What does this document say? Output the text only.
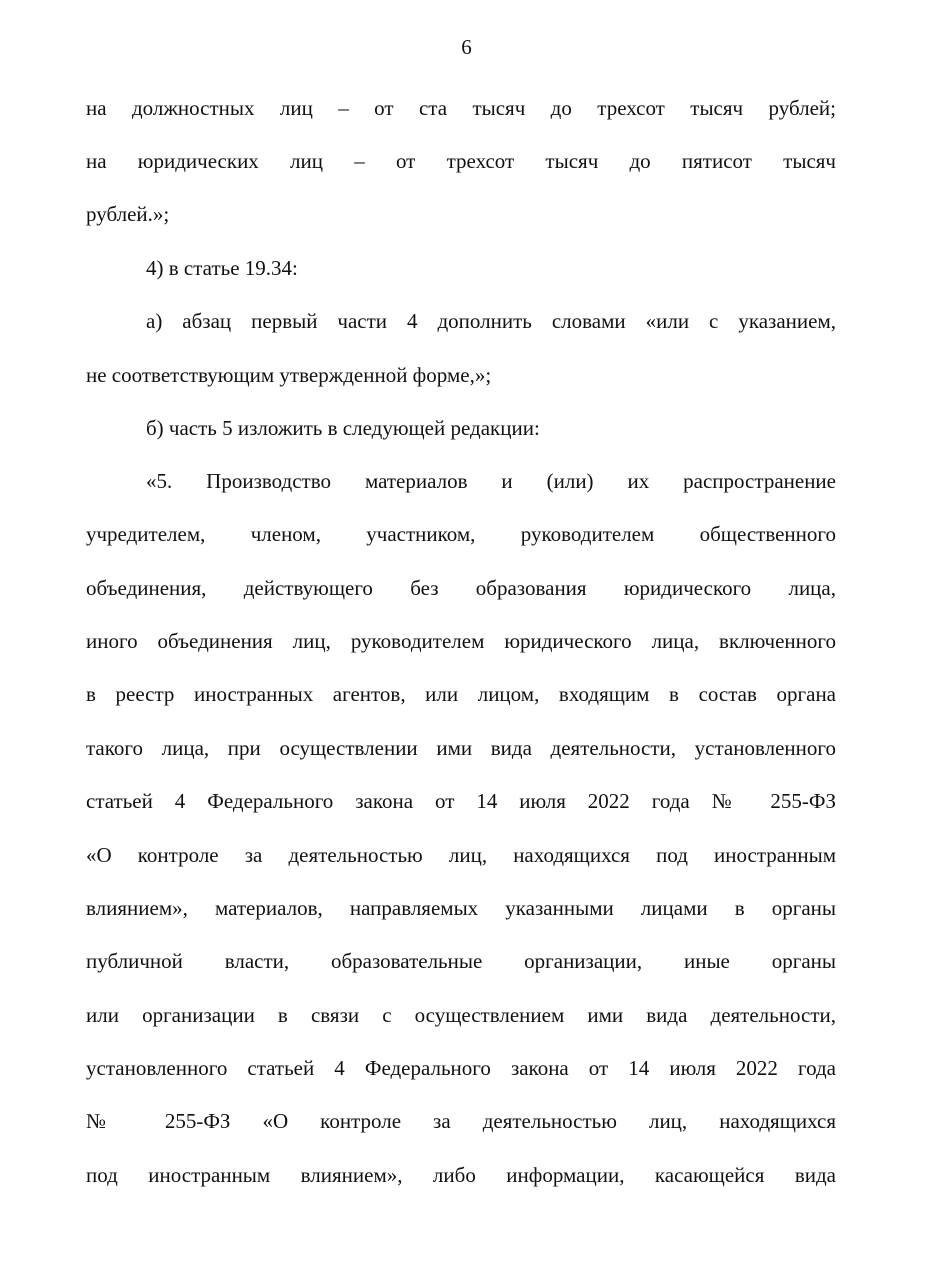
6
на должностных лиц – от ста тысяч до трехсот тысяч рублей;
на юридических лиц – от трехсот тысяч до пятисот тысяч
рублей.»;
4) в статье 19.34:
а) абзац первый части 4 дополнить словами «или с указанием,
не соответствующим утвержденной форме,»;
б) часть 5 изложить в следующей редакции:
«5. Производство материалов и (или) их распространение
учредителем, членом, участником, руководителем общественного
объединения, действующего без образования юридического лица,
иного объединения лиц, руководителем юридического лица, включенного
в реестр иностранных агентов, или лицом, входящим в состав органа
такого лица, при осуществлении ими вида деятельности, установленного
статьей 4 Федерального закона от 14 июля 2022 года № 255-ФЗ
«О контроле за деятельностью лиц, находящихся под иностранным
влиянием», материалов, направляемых указанными лицами в органы
публичной власти, образовательные организации, иные органы
или организации в связи с осуществлением ими вида деятельности,
установленного статьей 4 Федерального закона от 14 июля 2022 года
№ 255-ФЗ «О контроле за деятельностью лиц, находящихся
под иностранным влиянием», либо информации, касающейся вида
